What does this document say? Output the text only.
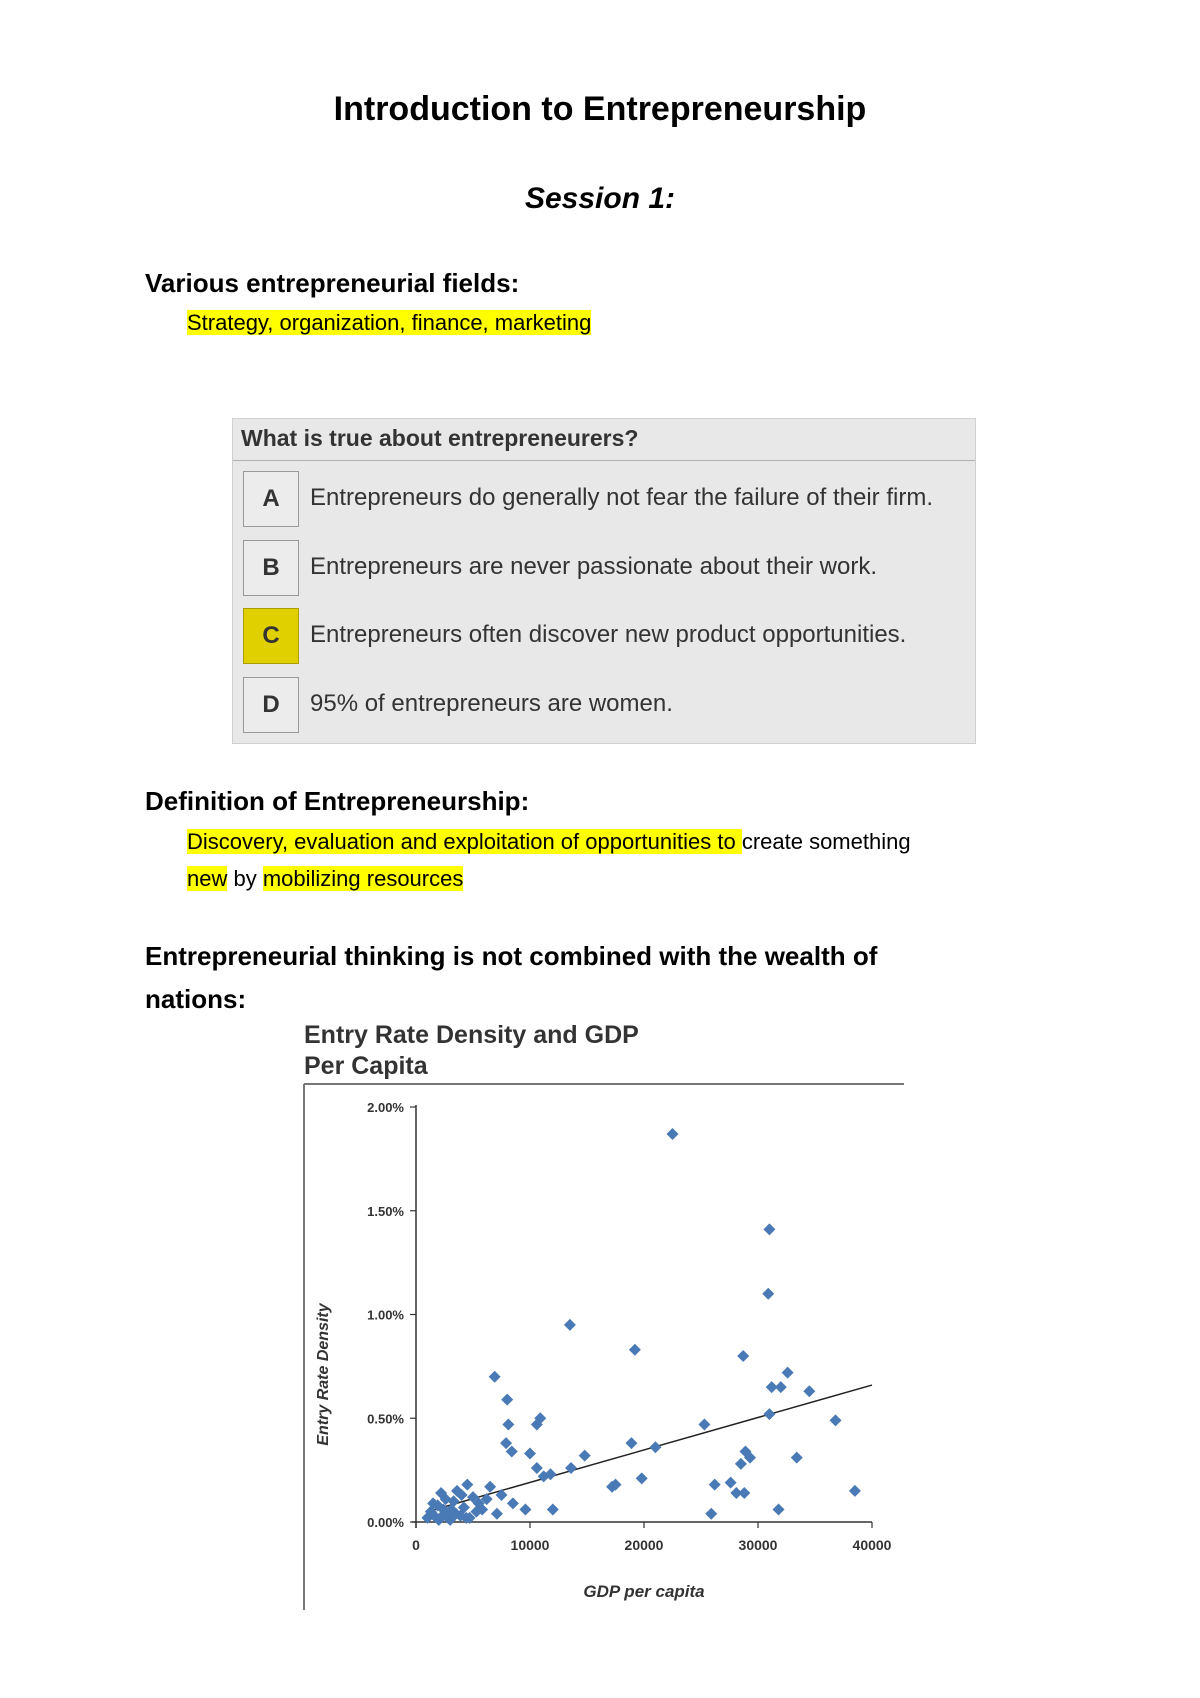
Introduction to Entrepreneurship
Session 1:
Various entrepreneurial fields:
Strategy, organization, finance, marketing
What is true about entrepreneurers?
A	Entrepreneurs do generally not fear the failure of their firm.
B	Entrepreneurs are never passionate about their work.
C	Entrepreneurs often discover new product opportunities.
D	95% of entrepreneurs are women.
Definition of Entrepreneurship:
Discovery, evaluation and exploitation of opportunities to create something
new by mobilizing resources
Entrepreneurial thinking is not combined with the wealth of
nations:
Entry Rate Density and GDP
Per Capita
0.00%
0.50%
1.00%
1.50%
2.00%
0	10000	20000	30000	40000
GDP per capita
Entry Rate Density
